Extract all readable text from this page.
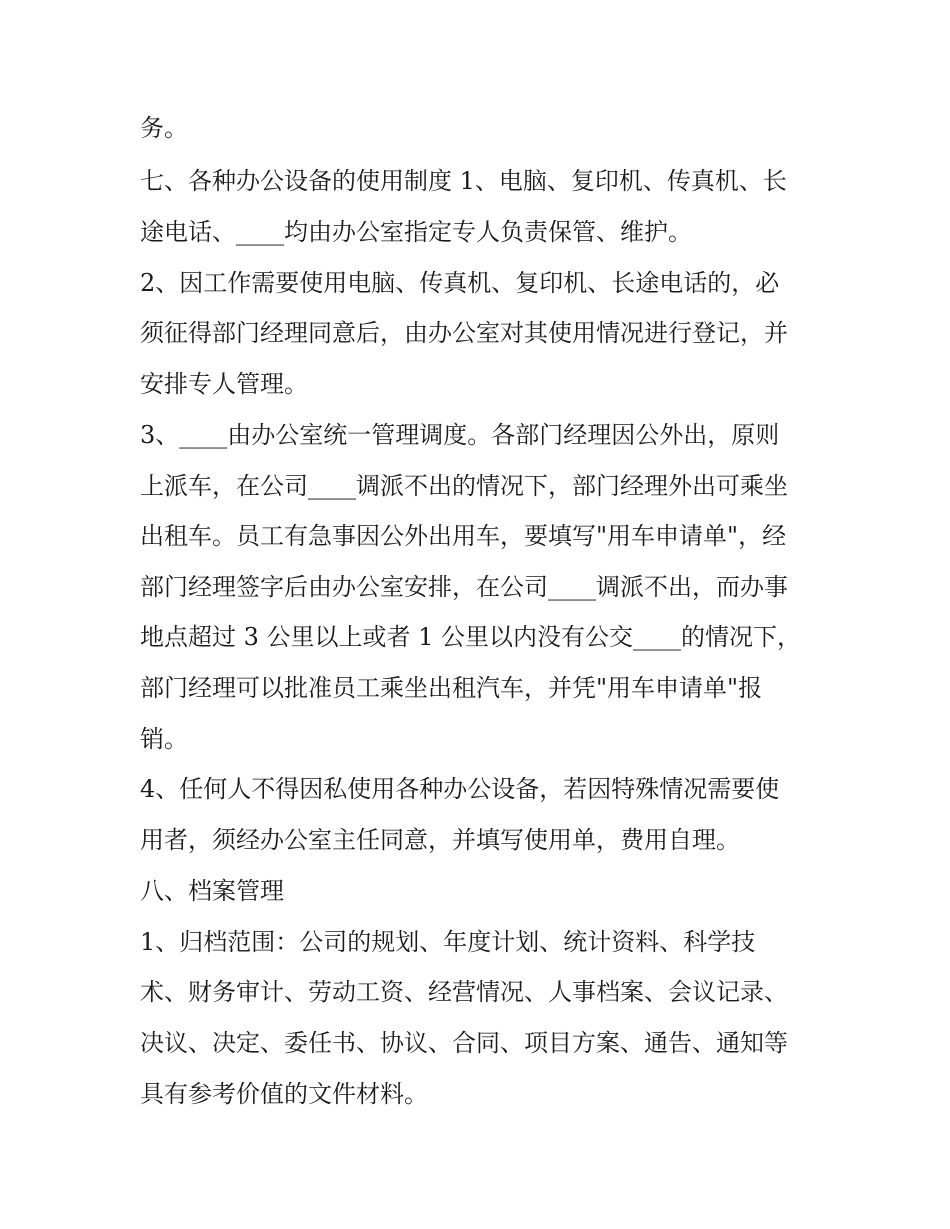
务。
七、各种办公设备的使用制度 1、电脑、复印机、传真机、长
途电话、____均由办公室指定专人负责保管、维护。
2、因工作需要使用电脑、传真机、复印机、长途电话的，必
须征得部门经理同意后，由办公室对其使用情况进行登记，并
安排专人管理。
3、____由办公室统一管理调度。各部门经理因公外出，原则
上派车，在公司____调派不出的情况下，部门经理外出可乘坐
出租车。员工有急事因公外出用车，要填写"用车申请单"，经
部门经理签字后由办公室安排，在公司____调派不出，而办事
地点超过 3 公里以上或者 1 公里以内没有公交____的情况下，
部门经理可以批准员工乘坐出租汽车，并凭"用车申请单"报
销。
4、任何人不得因私使用各种办公设备，若因特殊情况需要使
用者，须经办公室主任同意，并填写使用单，费用自理。
八、档案管理
1、归档范围：公司的规划、年度计划、统计资料、科学技
术、财务审计、劳动工资、经营情况、人事档案、会议记录、
决议、决定、委任书、协议、合同、项目方案、通告、通知等
具有参考价值的文件材料。
